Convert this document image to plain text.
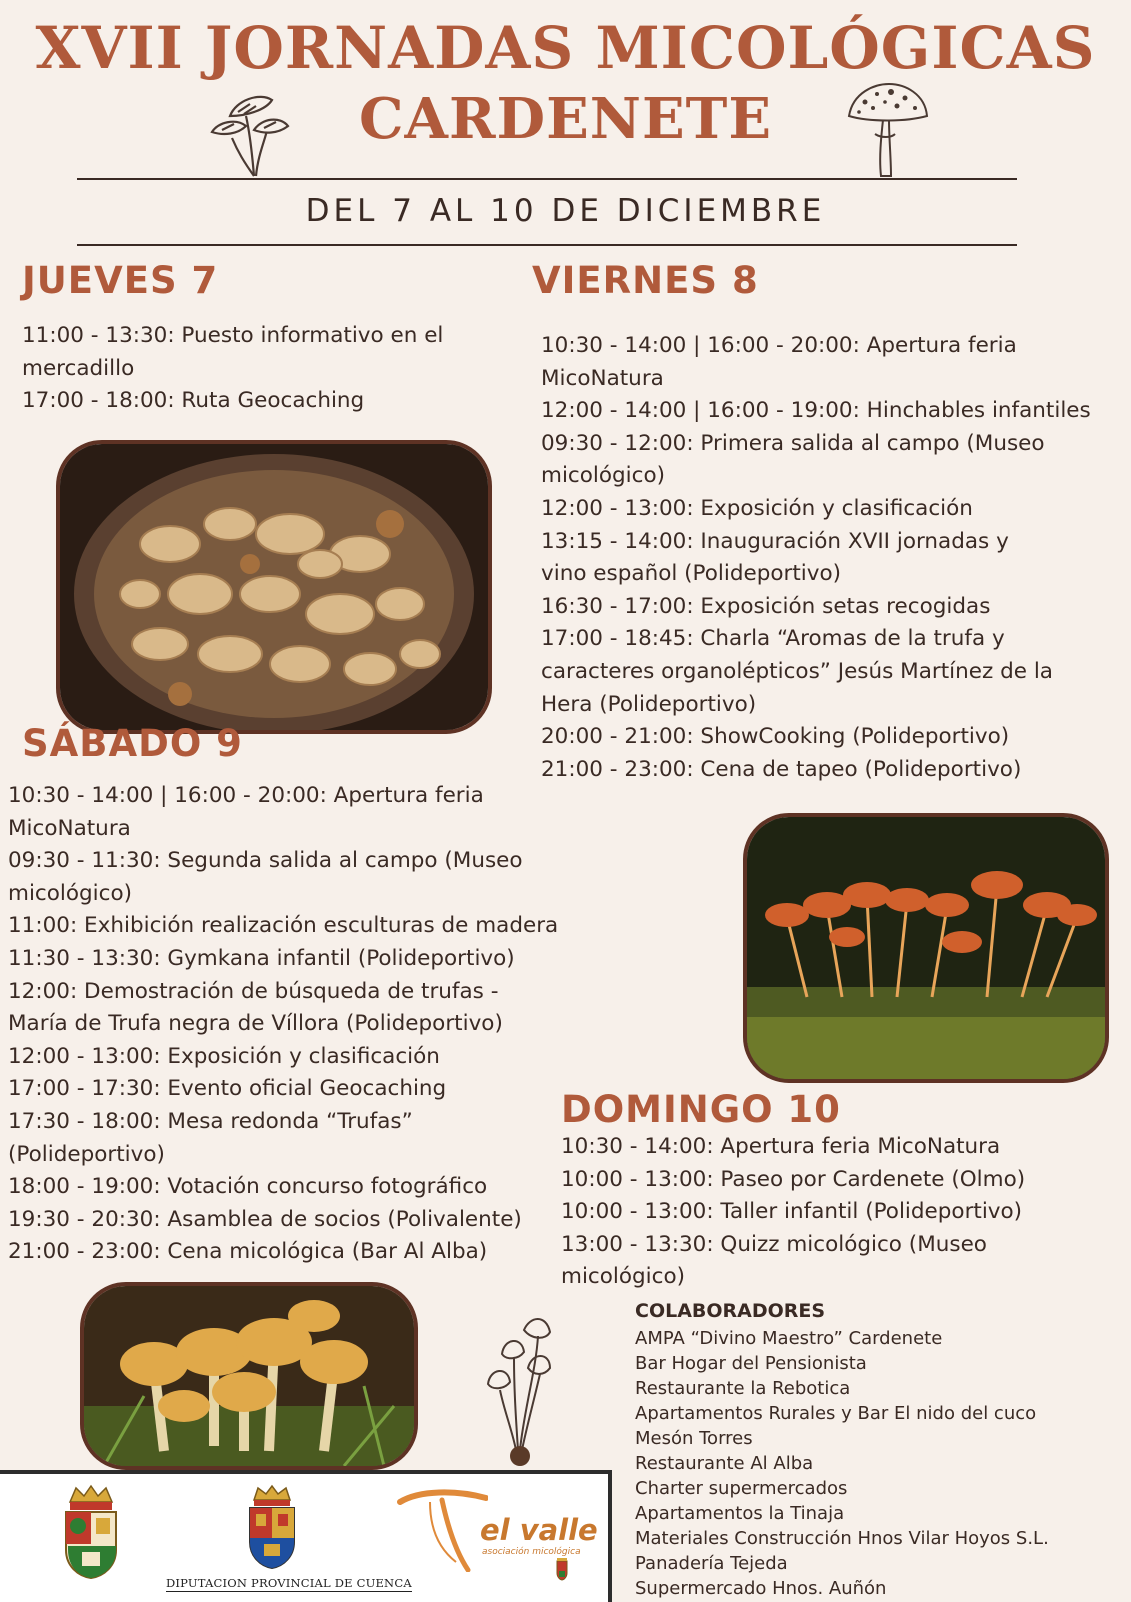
XVII JORNADAS MICOLÓGICAS
CARDENETE
DEL 7 AL 10 DE DICIEMBRE
JUEVES 7
11:00 - 13:30: Puesto informativo en el
mercadillo
17:00 - 18:00: Ruta Geocaching
VIERNES 8
10:30 - 14:00 | 16:00 - 20:00: Apertura feria
MicoNatura
12:00 - 14:00 | 16:00 - 19:00: Hinchables infantiles
09:30 - 12:00: Primera salida al campo (Museo
micológico)
12:00 - 13:00: Exposición y clasificación
13:15 - 14:00: Inauguración XVII jornadas y
vino español (Polideportivo)
16:30 - 17:00: Exposición setas recogidas
17:00 - 18:45: Charla “Aromas de la trufa y
caracteres organolépticos” Jesús Martínez de la
Hera (Polideportivo)
20:00 - 21:00: ShowCooking (Polideportivo)
21:00 - 23:00: Cena de tapeo (Polideportivo)
SÁBADO 9
10:30 - 14:00 | 16:00 - 20:00: Apertura feria
MicoNatura
09:30 - 11:30: Segunda salida al campo (Museo
micológico)
11:00: Exhibición realización esculturas de madera
11:30 - 13:30: Gymkana infantil (Polideportivo)
12:00: Demostración de búsqueda de trufas -
María de Trufa negra de Víllora (Polideportivo)
12:00 - 13:00: Exposición y clasificación
17:00 - 17:30: Evento oficial Geocaching
17:30 - 18:00: Mesa redonda “Trufas”
(Polideportivo)
18:00 - 19:00: Votación concurso fotográfico
19:30 - 20:30: Asamblea de socios (Polivalente)
21:00 - 23:00: Cena micológica (Bar Al Alba)
DOMINGO 10
10:30 - 14:00: Apertura feria MicoNatura
10:00 - 13:00: Paseo por Cardenete (Olmo)
10:00 - 13:00: Taller infantil (Polideportivo)
13:00 - 13:30: Quizz micológico (Museo
micológico)
COLABORADORES
AMPA “Divino Maestro” Cardenete
Bar Hogar del Pensionista
Restaurante la Rebotica
Apartamentos Rurales y Bar El nido del cuco
Mesón Torres
Restaurante Al Alba
Charter supermercados
Apartamentos la Tinaja
Materiales Construcción Hnos Vilar Hoyos S.L.
Panadería Tejeda
Supermercado Hnos. Auñón
DIPUTACION PROVINCIAL DE CUENCA
el valle
asociación micológica
